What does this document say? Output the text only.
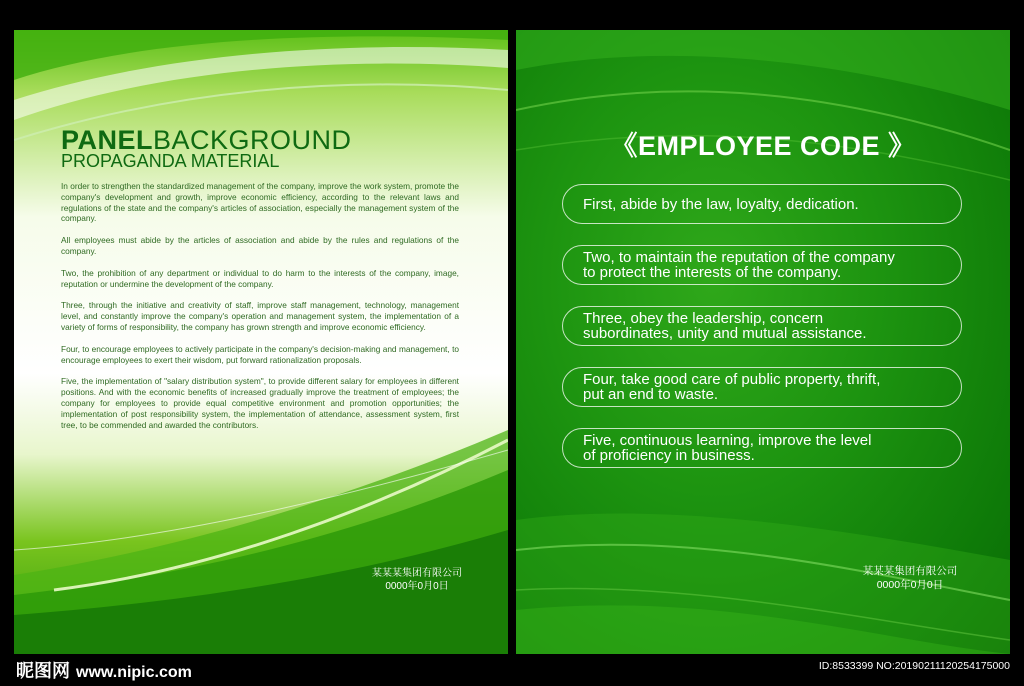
PANELBACKGROUND
PROPAGANDA MATERIAL

In order to strengthen the standardized management of the company, improve the work system, promote the company's development and growth, improve economic efficiency, according to the relevant laws and regulations of the state and the company's articles of association, especially the management system of the company.

All employees must abide by the articles of association and abide by the rules and regulations of the company.

Two, the prohibition of any department or individual to do harm to the interests of the company, image, reputation or undermine the development of the company.

Three, through the initiative and creativity of staff, improve staff management, technology, management level, and constantly improve the company's operation and management system, the implementation of a variety of forms of responsibility, the company has grown strength and improve economic efficiency.

Four, to encourage employees to actively participate in the company's decision-making and management, to encourage employees to exert their wisdom, put forward rationalization proposals.

Five, the implementation of "salary distribution system", to provide different salary for employees in different positions. And with the economic benefits of increased gradually improve the treatment of employees; the company for employees to provide equal competitive environment and promotion opportunities; the implementation of post responsibility system, the implementation of attendance, assessment system, first tree, to be commended and awarded the contributors.

某某某集团有限公司
0000年0月0日
《EMPLOYEE CODE 》
First, abide by the law, loyalty, dedication.
Two, to maintain the reputation of the company
to protect the interests of the company.
Three, obey the leadership, concern
subordinates, unity and mutual assistance.
Four, take good care of public property, thrift,
put an end to waste.
Five, continuous learning, improve the level
of proficiency in business.
某某某集团有限公司
0000年0月0日
昵图网 www.nipic.com	ID:8533399 NO:20190211120254175000
